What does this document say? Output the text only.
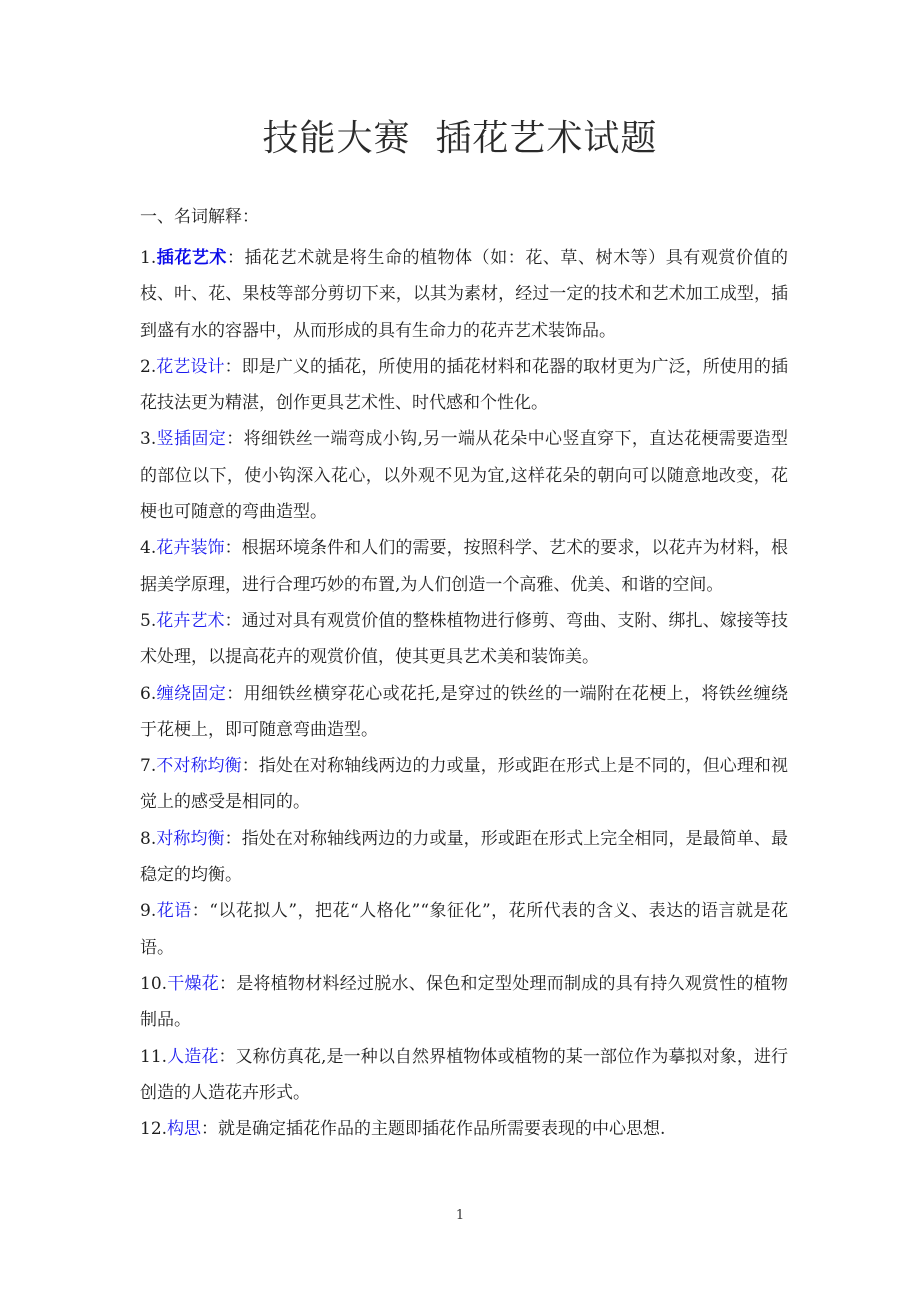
技能大赛  插花艺术试题
一、名词解释：

1.插花艺术：插花艺术就是将生命的植物体（如：花、草、树木等）具有观赏价值的枝、叶、花、果枝等部分剪切下来，以其为素材，经过一定的技术和艺术加工成型，插到盛有水的容器中，从而形成的具有生命力的花卉艺术装饰品。

2.花艺设计：即是广义的插花，所使用的插花材料和花器的取材更为广泛，所使用的插花技法更为精湛，创作更具艺术性、时代感和个性化。

3.竖插固定：将细铁丝一端弯成小钩,另一端从花朵中心竖直穿下，直达花梗需要造型的部位以下，使小钩深入花心，以外观不见为宜,这样花朵的朝向可以随意地改变，花梗也可随意的弯曲造型。

4.花卉装饰：根据环境条件和人们的需要，按照科学、艺术的要求，以花卉为材料，根据美学原理，进行合理巧妙的布置,为人们创造一个高雅、优美、和谐的空间。

5.花卉艺术：通过对具有观赏价值的整株植物进行修剪、弯曲、支附、绑扎、嫁接等技术处理，以提高花卉的观赏价值，使其更具艺术美和装饰美。

6.缠绕固定：用细铁丝横穿花心或花托,是穿过的铁丝的一端附在花梗上，将铁丝缠绕于花梗上，即可随意弯曲造型。

7.不对称均衡：指处在对称轴线两边的力或量，形或距在形式上是不同的，但心理和视觉上的感受是相同的。

8.对称均衡：指处在对称轴线两边的力或量，形或距在形式上完全相同，是最简单、最稳定的均衡。

9.花语：“以花拟人”，把花“人格化”“象征化”，花所代表的含义、表达的语言就是花语。

10.干燥花：是将植物材料经过脱水、保色和定型处理而制成的具有持久观赏性的植物制品。

11.人造花：又称仿真花,是一种以自然界植物体或植物的某一部位作为摹拟对象，进行创造的人造花卉形式。

12.构思：就是确定插花作品的主题即插花作品所需要表现的中心思想.

1
